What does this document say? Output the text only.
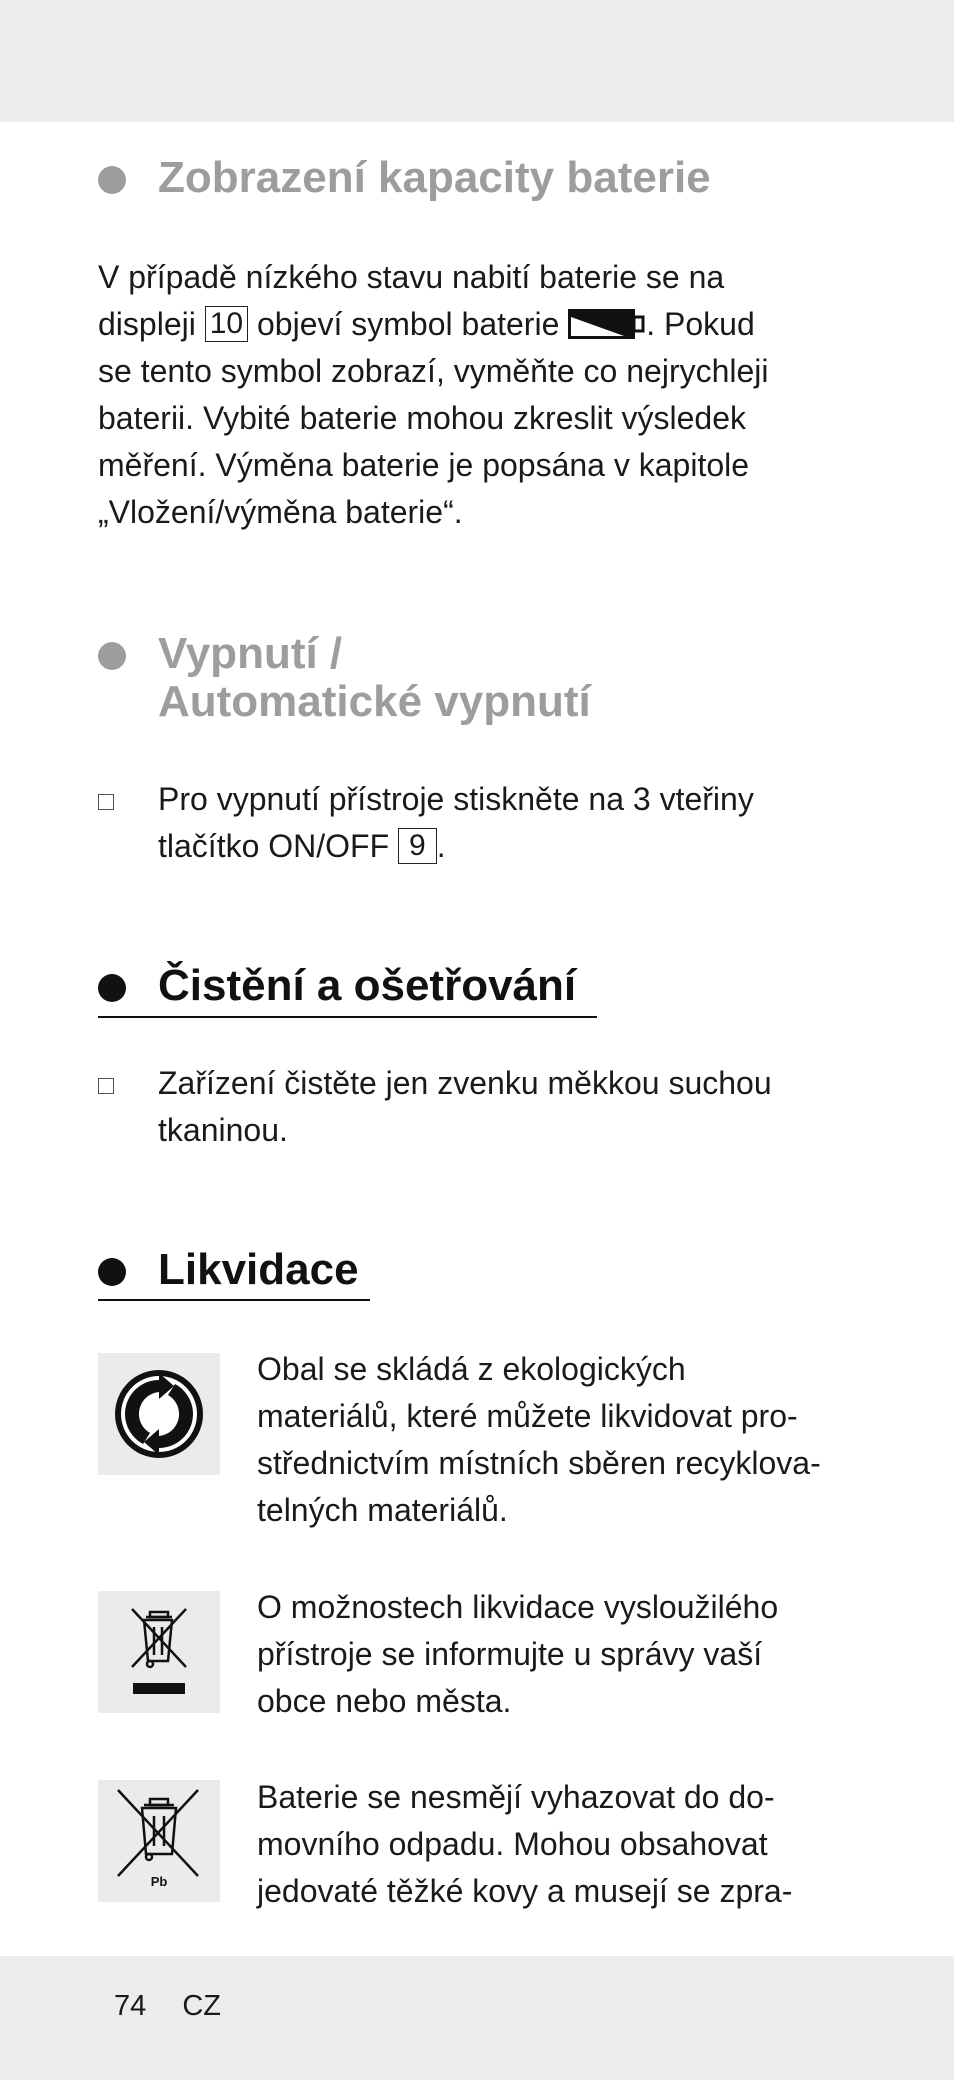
Zobrazení kapacity baterie
V případě nízkého stavu nabití baterie se na
displeji 10 objeví symbol baterie	. Pokud
se tento symbol zobrazí, vyměňte co nejrychleji
baterii. Vybité baterie mohou zkreslit výsledek
měření. Výměna baterie je popsána v kapitole
„Vložení/výměna baterie“.
Vypnutí /
Automatické vypnutí
Pro vypnutí přístroje stiskněte na 3 vteřiny
tlačítko ON/OFF 9 .
Čistění a ošetřování
Zařízení čistěte jen zvenku měkkou suchou
tkaninou.
Likvidace
Obal se skládá z ekologických
materiálů, které můžete likvidovat pro-
střednictvím místních sběren recyklova-
telných materiálů.
O možnostech likvidace vysloužilého
přístroje se informujte u správy vaší
obce nebo města.
Pb
Baterie se nesmějí vyhazovat do do-
movního odpadu. Mohou obsahovat
jedovaté těžké kovy a musejí se zpra-
74 CZ
